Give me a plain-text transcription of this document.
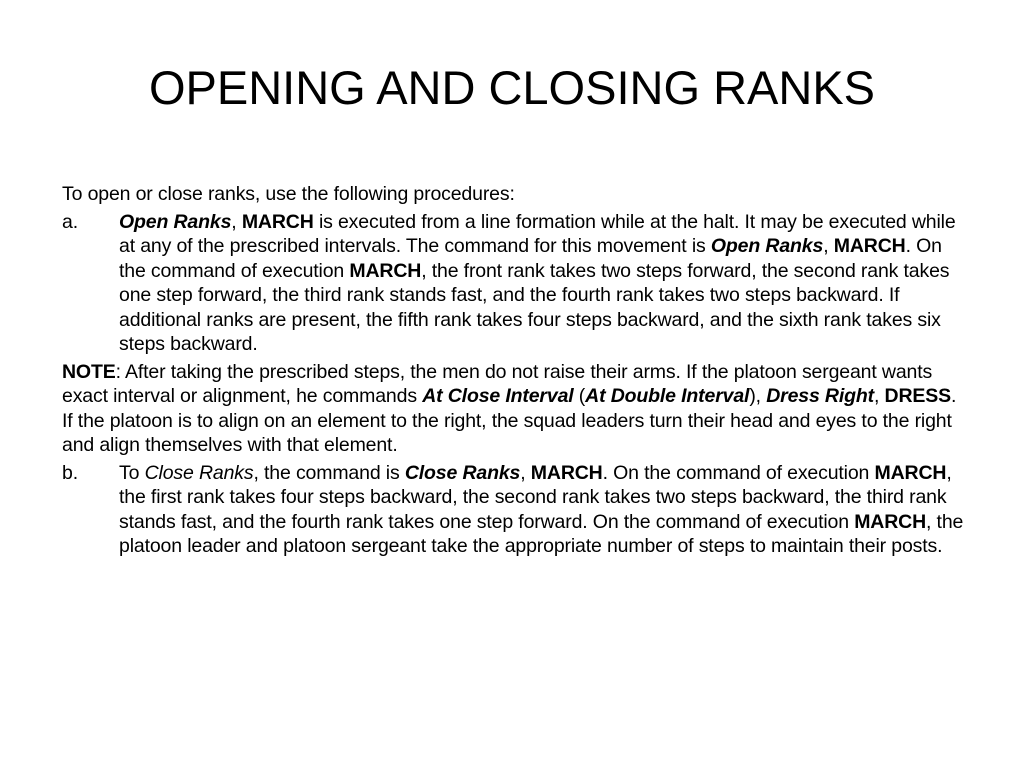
OPENING AND CLOSING RANKS

To open or close ranks, use the following procedures:

a. Open Ranks, MARCH is executed from a line formation while at the halt. It may be executed while at any of the prescribed intervals. The command for this movement is Open Ranks, MARCH. On the command of execution MARCH, the front rank takes two steps forward, the second rank takes one step forward, the third rank stands fast, and the fourth rank takes two steps backward. If additional ranks are present, the fifth rank takes four steps backward, and the sixth rank takes six steps backward.

NOTE: After taking the prescribed steps, the men do not raise their arms. If the platoon sergeant wants exact interval or alignment, he commands At Close Interval (At Double Interval), Dress Right, DRESS. If the platoon is to align on an element to the right, the squad leaders turn their head and eyes to the right and align themselves with that element.

b. To Close Ranks, the command is Close Ranks, MARCH. On the command of execution MARCH, the first rank takes four steps backward, the second rank takes two steps backward, the third rank stands fast, and the fourth rank takes one step forward. On the command of execution MARCH, the platoon leader and platoon sergeant take the appropriate number of steps to maintain their posts.
